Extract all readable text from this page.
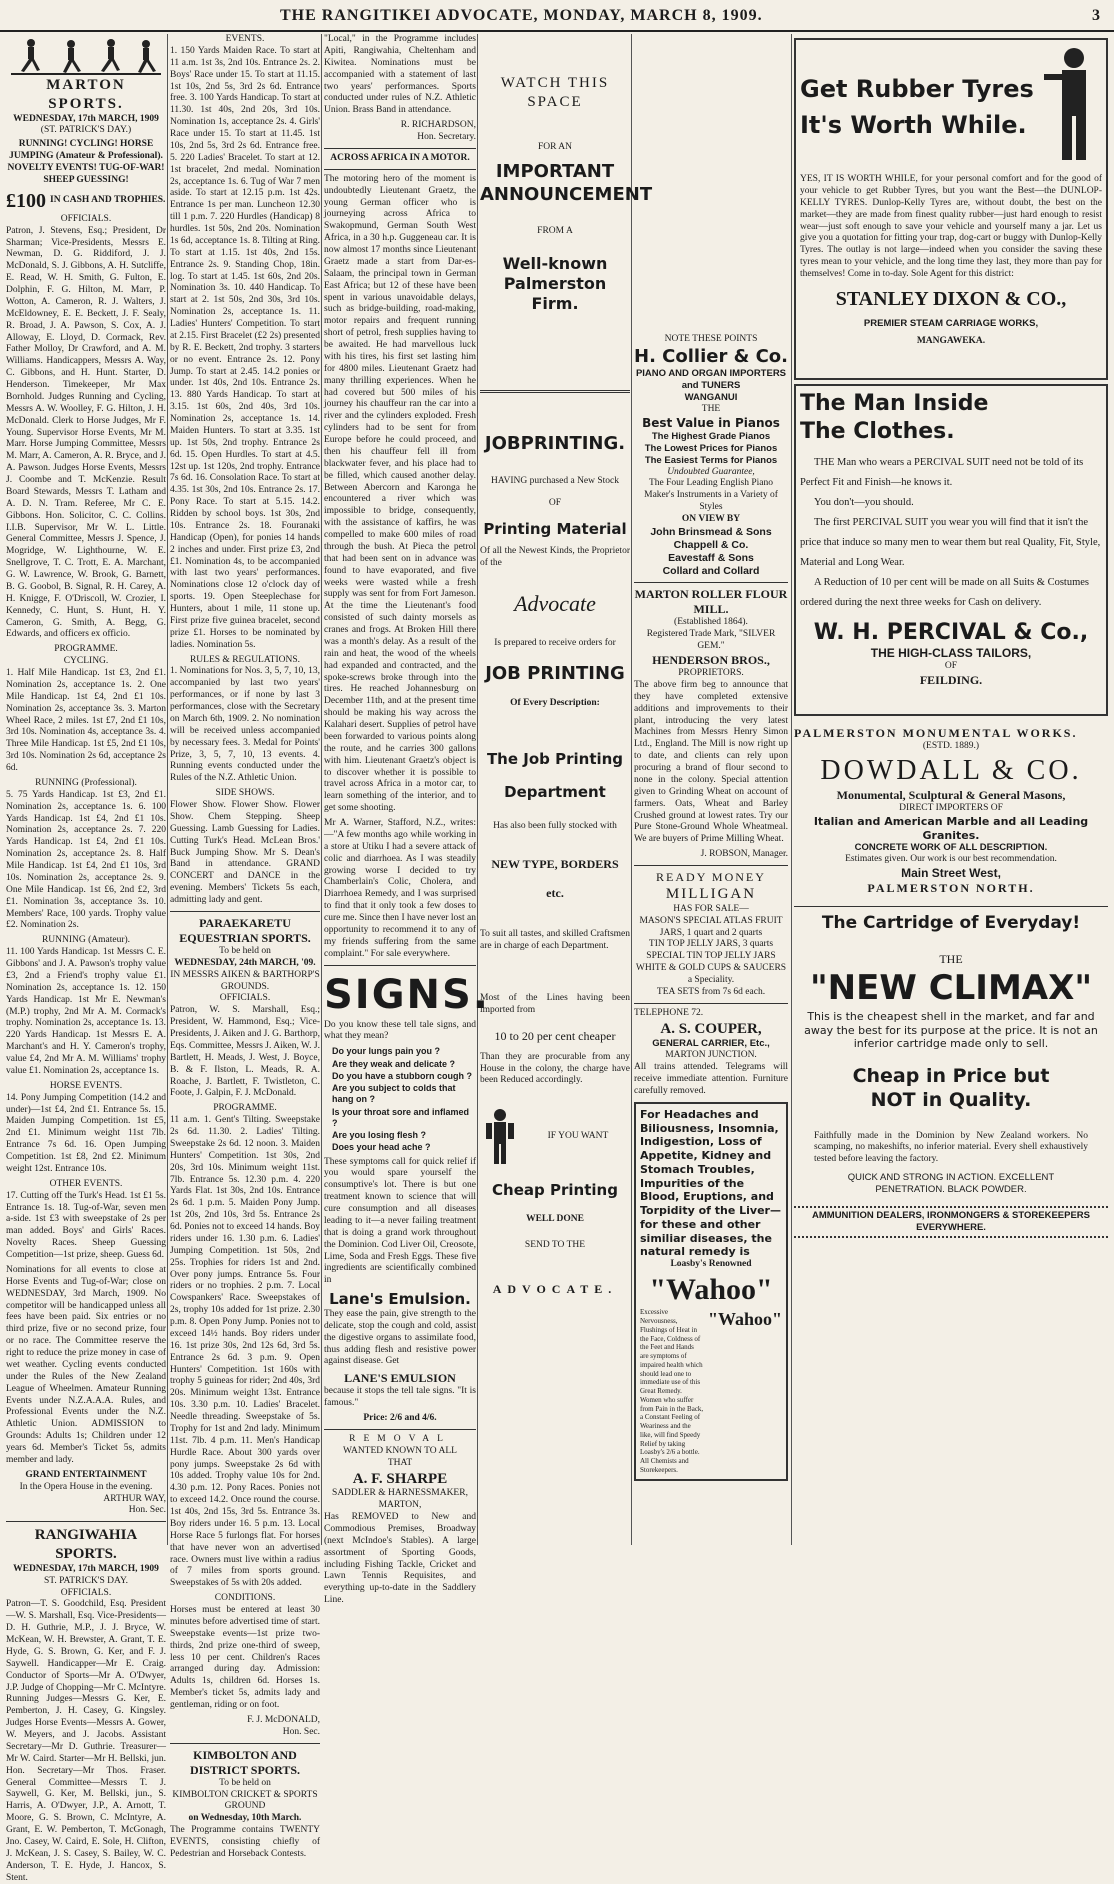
THE RANGITIKEI ADVOCATE, MONDAY, MARCH 8, 1909.	3
MARTON SPORTS.
WEDNESDAY, 17th MARCH, 1909
(ST. PATRICK'S DAY.)
RUNNING! CYCLING! HORSE JUMPING (Amateur & Professional). NOVELTY EVENTS! TUG-OF-WAR! SHEEP GUESSING!
£100 IN CASH AND TROPHIES.
OFFICIALS.

Patron, J. Stevens, Esq.; President, Dr Sharman; Vice-Presidents, Messrs E. Newman, D. G. Riddiford, J. J. McDonald, S. J. Gibbons, A. H. Sutcliffe, E. Read, W. H. Smith, G. Fulton, E. Dolphin, F. G. Hilton, M. Marr, P. Wotton, A. Cameron, R. J. Walters, J. McEldowney, E. E. Beckett, J. F. Sealy, R. Broad, J. A. Pawson, S. Cox, A. J. Alloway, E. Lloyd, D. Cormack, Rev. Father Molloy, Dr Crawford, and A. M. Williams. Handicappers, Messrs A. Way, C. Gibbons, and H. Hunt. Starter, D. Henderson. Timekeeper, Mr Max Bornhold. Judges Running and Cycling, Messrs A. W. Woolley, F. G. Hilton, J. H. McDonald. Clerk to Horse Judges, Mr F. Young. Supervisor Horse Events, Mr M. Marr. Horse Jumping Committee, Messrs M. Marr, A. Cameron, A. R. Bryce, and J. A. Pawson. Judges Horse Events, Messrs J. Coombe and T. McKenzie. Result Board Stewards, Messrs T. Latham and A. D. N. Tram. Referee, Mr C. E. Gibbons. Hon. Solicitor, C. C. Collins. I.I.B. Supervisor, Mr W. L. Little. General Committee, Messrs J. Spence, J. Mogridge, W. Lighthourne, W. E. Snellgrove, T. C. Trott, E. A. Marchant, G. W. Lawrence, W. Brook, G. Barnett, B. G. Goobol, B. Signal, R. H. Carey, A. H. Knigge, F. O'Driscoll, W. Crozier, I. Kennedy, C. Hunt, S. Hunt, H. Y. Cameron, G. Smith, A. Begg, G. Edwards, and officers ex officio.

PROGRAMME.
CYCLING.

1. Half Mile Handicap. 1st £3, 2nd £1. Nomination 2s, acceptance 1s. 2. One Mile Handicap. 1st £4, 2nd £1 10s. Nomination 2s, acceptance 3s. 3. Marton Wheel Race, 2 miles. 1st £7, 2nd £1 10s, 3rd 10s. Nomination 4s, acceptance 3s. 4. Three Mile Handicap. 1st £5, 2nd £1 10s, 3rd 10s. Nomination 2s 6d, acceptance 2s 6d.

RUNNING (Professional).

5. 75 Yards Handicap. 1st £3, 2nd £1. Nomination 2s, acceptance 1s. 6. 100 Yards Handicap. 1st £4, 2nd £1 10s. Nomination 2s, acceptance 2s. 7. 220 Yards Handicap. 1st £4, 2nd £1 10s. Nomination 2s, acceptance 2s. 8. Half Mile Handicap. 1st £4, 2nd £1 10s, 3rd 10s. Nomination 2s, acceptance 2s. 9. One Mile Handicap. 1st £6, 2nd £2, 3rd £1. Nomination 3s, acceptance 3s. 10. Members' Race, 100 yards. Trophy value £2. Nomination 2s.

RUNNING (Amateur).

11. 100 Yards Handicap. 1st Messrs C. E. Gibbons' and J. A. Pawson's trophy value £3, 2nd a Friend's trophy value £1. Nomination 2s, acceptance 1s. 12. 150 Yards Handicap. 1st Mr E. Newman's (M.P.) trophy, 2nd Mr A. M. Cormack's trophy. Nomination 2s, acceptance 1s. 13. 220 Yards Handicap. 1st Messrs E. A. Marchant's and H. Y. Cameron's trophy, value £4, 2nd Mr A. M. Williams' trophy value £1. Nomination 2s, acceptance 1s.

HORSE EVENTS.

14. Pony Jumping Competition (14.2 and under)—1st £4, 2nd £1. Entrance 5s. 15. Maiden Jumping Competition. 1st £5, 2nd £1. Minimum weight 11st 7lb. Entrance 7s 6d. 16. Open Jumping Competition. 1st £8, 2nd £2. Minimum weight 12st. Entrance 10s.

OTHER EVENTS.

17. Cutting off the Turk's Head. 1st £1 5s. Entrance 1s. 18. Tug-of-War, seven men a-side. 1st £3 with sweepstake of 2s per man added. Boys' and Girls' Races. Novelty Races. Sheep Guessing Competition—1st prize, sheep. Guess 6d.

Nominations for all events to close at Horse Events and Tug-of-War; close on WEDNESDAY, 3rd March, 1909. No competitor will be handicapped unless all fees have been paid. Six entries or no third prize, five or no second prize, four or no race. The Committee reserve the right to reduce the prize money in case of wet weather. Cycling events conducted under the Rules of the New Zealand League of Wheelmen. Amateur Running Events under N.Z.A.A.A. Rules, and Professional Events under the N.Z. Athletic Union. ADMISSION to Grounds: Adults 1s; Children under 12 years 6d. Member's Ticket 5s, admits member and lady.

GRAND ENTERTAINMENT
In the Opera House in the evening.
ARTHUR WAY,
Hon. Sec.
RANGIWAHIA SPORTS.
WEDNESDAY, 17th MARCH, 1909
ST. PATRICK'S DAY.
OFFICIALS.

Patron—T. S. Goodchild, Esq. President—W. S. Marshall, Esq. Vice-Presidents—D. H. Guthrie, M.P., J. J. Bryce, W. McKean, W. H. Brewster, A. Grant, T. E. Hyde, G. S. Brown, G. Ker, and F. J. Saywell. Handicapper—Mr E. Craig. Conductor of Sports—Mr A. O'Dwyer, J.P. Judge of Chopping—Mr C. McIntyre. Running Judges—Messrs G. Ker, E. Pemberton, J. H. Casey, G. Kingsley. Judges Horse Events—Messrs A. Gower, W. Meyers, and J. Jacobs. Assistant Secretary—Mr D. Guthrie. Treasurer—Mr W. Caird. Starter—Mr H. Bellski, jun. Hon. Secretary—Mr Thos. Fraser. General Committee—Messrs T. J. Saywell, G. Ker, M. Bellski, jun., S. Harris, A. O'Dwyer, J.P., A. Arnott, T. Moore, G. S. Brown, C. McIntyre, A. Grant, E. W. Pemberton, T. McGonagh, Jno. Casey, W. Caird, E. Sole, H. Clifton, J. McKean, J. S. Casey, S. Bailey, W. C. Anderson, T. E. Hyde, J. Hancox, S. Stent.

EVENTS.

1. 150 Yards Maiden Race. To start at 11 a.m. 1st 3s, 2nd 10s. Entrance 2s. 2. Boys' Race under 15. To start at 11.15. 1st 10s, 2nd 5s, 3rd 2s 6d. Entrance free. 3. 100 Yards Handicap. To start at 11.30. 1st 40s, 2nd 20s, 3rd 10s. Nomination 1s, acceptance 2s. 4. Girls' Race under 15. To start at 11.45. 1st 10s, 2nd 5s, 3rd 2s 6d. Entrance free. 5. 220 Ladies' Bracelet. To start at 12. 1st bracelet, 2nd medal. Nomination 2s, acceptance 1s. 6. Tug of War 7 men aside. To start at 12.15 p.m. 1st 42s. Entrance 1s per man. Luncheon 12.30 till 1 p.m. 7. 220 Hurdles (Handicap) 8 hurdles. 1st 50s, 2nd 20s. Nomination 1s 6d, acceptance 1s. 8. Tilting at Ring. To start at 1.15. 1st 40s, 2nd 15s. Entrance 2s. 9. Standing Chop, 18in. log. To start at 1.45. 1st 60s, 2nd 20s. Nomination 3s. 10. 440 Handicap. To start at 2. 1st 50s, 2nd 30s, 3rd 10s. Nomination 2s, acceptance 1s. 11. Ladies' Hunters' Competition. To start at 2.15. First Bracelet (£2 2s) presented by R. E. Beckett, 2nd trophy. 3 starters or no event. Entrance 2s. 12. Pony Jump. To start at 2.45. 14.2 ponies or under. 1st 40s, 2nd 10s. Entrance 2s. 13. 880 Yards Handicap. To start at 3.15. 1st 60s, 2nd 40s, 3rd 10s. Nomination 2s, acceptance 1s. 14. Maiden Hunters. To start at 3.35. 1st up. 1st 50s, 2nd trophy. Entrance 2s 6d. 15. Open Hurdles. To start at 4.5. 12st up. 1st 120s, 2nd trophy. Entrance 7s 6d. 16. Consolation Race. To start at 4.35. 1st 30s, 2nd 10s. Entrance 2s. 17. Pony Race. To start at 5.15. 14.2. Ridden by school boys. 1st 30s, 2nd 10s. Entrance 2s. 18. Fouranaki Handicap (Open), for ponies 14 hands 2 inches and under. First prize £3, 2nd £1. Nomination 4s, to be accompanied with last two years' performances. Nominations close 12 o'clock day of sports. 19. Open Steeplechase for Hunters, about 1 mile, 11 stone up. First prize five guinea bracelet, second prize £1. Horses to be nominated by ladies. Nomination 5s.

RULES & REGULATIONS.

1. Nominations for Nos. 3, 5, 7, 10, 13, accompanied by last two years' performances, or if none by last 3 performances, close with the Secretary on March 6th, 1909. 2. No nomination will be received unless accompanied by necessary fees. 3. Medal for Points' Prize, 3, 5, 7, 10, 13 events. 4. Running events conducted under the Rules of the N.Z. Athletic Union.

SIDE SHOWS.

Flower Show. Flower Show. Flower Show. Chem Stepping. Sheep Guessing. Lamb Guessing for Ladies. Cutting Turk's Head. McLean Bros.' Buck Jumping Show. Mr S. Dean's Band in attendance. GRAND CONCERT and DANCE in the evening. Members' Tickets 5s each, admitting lady and gent.

PARAEKARETU EQUESTRIAN SPORTS.
To be held on
WEDNESDAY, 24th MARCH, '09.
IN MESSRS AIKEN & BARTHORP'S GROUNDS.
OFFICIALS.

Patron, W. S. Marshall, Esq.; President, W. Hammond, Esq.; Vice-Presidents, J. Aiken and J. G. Barthorp, Eqs. Committee, Messrs J. Aiken, W. J. Bartlett, H. Meads, J. West, J. Boyce, B. & F. Ilston, L. Meads, R. A. Roache, J. Bartlett, F. Twistleton, C. Foote, J. Galpin, F. J. McDonald.

PROGRAMME.

11 a.m. 1. Gent's Tilting. Sweepstake 2s 6d. 11.30. 2. Ladies' Tilting. Sweepstake 2s 6d. 12 noon. 3. Maiden Hunters' Competition. 1st 30s, 2nd 20s, 3rd 10s. Minimum weight 11st. 7lb. Entrance 5s. 12.30 p.m. 4. 220 Yards Flat. 1st 30s, 2nd 10s. Entrance 2s 6d. 1 p.m. 5. Maiden Pony Jump. 1st 20s, 2nd 10s, 3rd 5s. Entrance 2s 6d. Ponies not to exceed 14 hands. Boy riders under 16. 1.30 p.m. 6. Ladies' Jumping Competition. 1st 50s, 2nd 25s. Trophies for riders 1st and 2nd. Over pony jumps. Entrance 5s. Four riders or no trophies. 2 p.m. 7. Local Cowspankers' Race. Sweepstakes of 2s, trophy 10s added for 1st prize. 2.30 p.m. 8. Open Pony Jump. Ponies not to exceed 14½ hands. Boy riders under 16. 1st prize 30s, 2nd 12s 6d, 3rd 5s. Entrance 2s 6d. 3 p.m. 9. Open Hunters' Competition. 1st 160s with trophy 5 guineas for rider; 2nd 40s, 3rd 20s. Minimum weight 13st. Entrance 10s. 3.30 p.m. 10. Ladies' Bracelet. Needle threading. Sweepstake of 5s. Trophy for 1st and 2nd lady. Minimum 11st. 7lb. 4 p.m. 11. Men's Handicap Hurdle Race. About 300 yards over pony jumps. Sweepstake 2s 6d with 10s added. Trophy value 10s for 2nd. 4.30 p.m. 12. Pony Races. Ponies not to exceed 14.2. Once round the course. 1st 40s, 2nd 15s, 3rd 5s. Entrance 3s. Boy riders under 16. 5 p.m. 13. Local Horse Race 5 furlongs flat. For horses that have never won an advertised race. Owners must live within a radius of 7 miles from sports ground. Sweepstakes of 5s with 20s added.

CONDITIONS.

Horses must be entered at least 30 minutes before advertised time of start. Sweepstake events—1st prize two-thirds, 2nd prize one-third of sweep, less 10 per cent. Children's Races arranged during day. Admission: Adults 1s, children 6d. Horses 1s. Member's ticket 5s, admits lady and gentleman, riding or on foot.

F. J. McDONALD,
Hon. Sec.
KIMBOLTON AND DISTRICT SPORTS.
To be held on
KIMBOLTON CRICKET & SPORTS GROUND
on Wednesday, 10th March.

The Programme contains TWENTY EVENTS, consisting chiefly of Pedestrian and Horseback Contests.

"Local," in the Programme includes Apiti, Rangiwahia, Cheltenham and Kiwitea. Nominations must be accompanied with a statement of last two years' performances. Sports conducted under rules of N.Z. Athletic Union. Brass Band in attendance.

R. RICHARDSON,
Hon. Secretary.
ACROSS AFRICA IN A MOTOR.

The motoring hero of the moment is undoubtedly Lieutenant Graetz, the young German officer who is journeying across Africa to Swakopmund, German South West Africa, in a 30 h.p. Guggeneau car. It is now almost 17 months since Lieutenant Graetz made a start from Dar-es-Salaam, the principal town in German East Africa; but 12 of these have been spent in various unavoidable delays, such as bridge-building, road-making, motor repairs and frequent running short of petrol, fresh supplies having to be awaited. He had marvellous luck with his tires, his first set lasting him for 4800 miles. Lieutenant Graetz had many thrilling experiences. When he had covered but 500 miles of his journey his chauffeur ran the car into a river and the cylinders exploded. Fresh cylinders had to be sent for from Europe before he could proceed, and then his chauffeur fell ill from blackwater fever, and his place had to be filled, which caused another delay. Between Abercorn and Karonga he encountered a river which was impossible to bridge, consequently, with the assistance of kaffirs, he was compelled to make 600 miles of road through the bush. At Pieca the petrol that had been sent on in advance was found to have evaporated, and five weeks were wasted while a fresh supply was sent for from Fort Jameson. At the time the Lieutenant's food consisted of such dainty morsels as cranes and frogs. At Broken Hill there was a month's delay. As a result of the rain and heat, the wood of the wheels had expanded and contracted, and the spoke-screws broke through into the tires. He reached Johannesburg on December 11th, and at the present time should be making his way across the Kalahari desert. Supplies of petrol have been forwarded to various points along the route, and he carries 300 gallons with him. Lieutenant Graetz's object is to discover whether it is possible to travel across Africa in a motor car, to learn something of the interior, and to get some shooting.

Mr A. Warner, Stafford, N.Z., writes:—"A few months ago while working in a store at Utiku I had a severe attack of colic and diarrhoea. As I was steadily growing worse I decided to try Chamberlain's Colic, Cholera, and Diarrhoea Remedy, and I was surprised to find that it only took a few doses to cure me. Since then I have never lost an opportunity to recommend it to any of my friends suffering from the same complaint." For sale everywhere.

SIGNS.

Do you know these tell tale signs, and what they mean?

Do your lungs pain you ?
Are they weak and delicate ?
Do you have a stubborn cough ?
Are you subject to colds that hang on ?
Is your throat sore and inflamed ?
Are you losing flesh ?
Does your head ache ?

These symptoms call for quick relief if you would spare yourself the consumptive's lot. There is but one treatment known to science that will cure consumption and all diseases leading to it—a never failing treatment that is doing a grand work throughout the Dominion. Cod Liver Oil, Creosote, Lime, Soda and Fresh Eggs. These five ingredients are scientifically combined in

Lane's Emulsion.

They ease the pain, give strength to the delicate, stop the cough and cold, assist the digestive organs to assimilate food, thus adding flesh and resistive power against disease. Get

LANE'S EMULSION

because it stops the tell tale signs. "It is famous."

Price: 2/6 and 4/6.
REMOVAL
WANTED KNOWN TO ALL
THAT
A. F. SHARPE
SADDLER & HARNESSMAKER,
MARTON,

Has REMOVED to New and Commodious Premises, Broadway (next McIndoe's Stables). A large assortment of Sporting Goods, including Fishing Tackle, Cricket and Lawn Tennis Requisites, and everything up-to-date in the Saddlery Line.

WATCH THIS SPACE
FOR AN
IMPORTANT ANNOUNCEMENT
FROM A
Well-known Palmerston Firm.
JOBPRINTING.
HAVING purchased a New Stock
OF
Printing Material

Of all the Newest Kinds, the Proprietor of the

Advocate
Is prepared to receive orders for
JOB PRINTING
Of Every Description:
The Job Printing
Department
Has also been fully stocked with
NEW TYPE, BORDERS
etc.

To suit all tastes, and skilled Craftsmen are in charge of each Department.

Most of the Lines having been imported from

10 to 20 per cent cheaper

Than they are procurable from any House in the colony, the charge have been Reduced accordingly.

IF YOU WANT
Cheap Printing
WELL DONE
SEND TO THE
ADVOCATE.
NOTE THESE POINTS
H. Collier & Co.
PIANO AND ORGAN IMPORTERS and TUNERS
WANGANUI
THE
Best Value in Pianos
The Highest Grade Pianos
The Lowest Prices for Pianos
The Easiest Terms for Pianos
Undoubted Guarantee,
The Four Leading English Piano Maker's Instruments in a Variety of Styles
ON VIEW BY
John Brinsmead & Sons
Chappell & Co.
Eavestaff & Sons
Collard and Collard
MARTON ROLLER FLOUR MILL.
(Established 1864).
Registered Trade Mark, "SILVER GEM."
HENDERSON BROS.,
PROPRIETORS.

The above firm beg to announce that they have completed extensive additions and improvements to their plant, introducing the very latest Machines from Messrs Henry Simon Ltd., England. The Mill is now right up to date, and clients can rely upon procuring a brand of flour second to none in the colony. Special attention given to Grinding Wheat on account of farmers. Oats, Wheat and Barley Crushed ground at lowest rates. Try our Pure Stone-Ground Whole Wheatmeal. We are buyers of Prime Milling Wheat.

J. ROBSON, Manager.
READY MONEY
MILLIGAN
HAS FOR SALE—
MASON'S SPECIAL ATLAS FRUIT JARS, 1 quart and 2 quarts
TIN TOP JELLY JARS, 3 quarts
SPECIAL TIN TOP JELLY JARS
WHITE & GOLD CUPS & SAUCERS a Speciality.
TEA SETS from 7s 6d each.
TELEPHONE 72.
A. S. COUPER,
GENERAL CARRIER, Etc.,
MARTON JUNCTION.

All trains attended. Telegrams will receive immediate attention. Furniture carefully removed.

For Headaches and Biliousness, Insomnia, Indigestion, Loss of Appetite, Kidney and Stomach Troubles, Impurities of the Blood, Eruptions, and Torpidity of the Liver—for these and other similiar diseases, the natural remedy is
Loasby's Renowned
"Wahoo"
Excessive Nervousness, Flushings of Heat in the Face, Coldness of the Feet and Hands are symptoms of impaired health which should lead one to immediate use of this Great Remedy. Women who suffer from Pain in the Back, a Constant Feeling of Weariness and the like, will find Speedy Relief by taking Loasby's 2/6 a bottle. All Chemists and Storekeepers.
"Wahoo"
Get Rubber Tyres
It's Worth While.

YES, IT IS WORTH WHILE, for your personal comfort and for the good of your vehicle to get Rubber Tyres, but you want the Best—the DUNLOP-KELLY TYRES. Dunlop-Kelly Tyres are, without doubt, the best on the market—they are made from finest quality rubber—just hard enough to resist wear—just soft enough to save your vehicle and yourself many a jar. Let us give you a quotation for fitting your trap, dog-cart or buggy with Dunlop-Kelly Tyres. The outlay is not large—indeed when you consider the saving these tyres mean to your vehicle, and the long time they last, they more than pay for themselves! Come in to-day. Sole Agent for this district:

STANLEY DIXON & CO.,
PREMIER STEAM CARRIAGE WORKS,
MANGAWEKA.
The Man Inside
The Clothes.
THE Man who wears a PERCIVAL SUIT need not be told of its Perfect Fit and Finish—he knows it.
You don't—you should.
The first PERCIVAL SUIT you wear you will find that it isn't the price that induce so many men to wear them but real Quality, Fit, Style, Material and Long Wear.
A Reduction of 10 per cent will be made on all Suits & Costumes ordered during the next three weeks for Cash on delivery.
W. H. PERCIVAL & Co.,
THE HIGH-CLASS TAILORS,
OF
FEILDING.
PALMERSTON MONUMENTAL WORKS.
(ESTD. 1889.)
DOWDALL & CO.
Monumental, Sculptural & General Masons,
DIRECT IMPORTERS OF
Italian and American Marble and all Leading Granites.
CONCRETE WORK OF ALL DESCRIPTION.
Estimates given. Our work is our best recommendation.
Main Street West,
PALMERSTON NORTH.
The Cartridge of Everyday!
THE
"NEW CLIMAX"
This is the cheapest shell in the market, and far and away the best for its purpose at the price. It is not an inferior cartridge made only to sell.
Cheap in Price but
NOT in Quality.

Faithfully made in the Dominion by New Zealand workers. No scamping, no makeshifts, no inferior material. Every shell exhaustively tested before leaving the factory.

QUICK AND STRONG IN ACTION. EXCELLENT PENETRATION. BLACK POWDER.
AMMUNITION DEALERS, IRONMONGERS & STOREKEEPERS EVERYWHERE.
